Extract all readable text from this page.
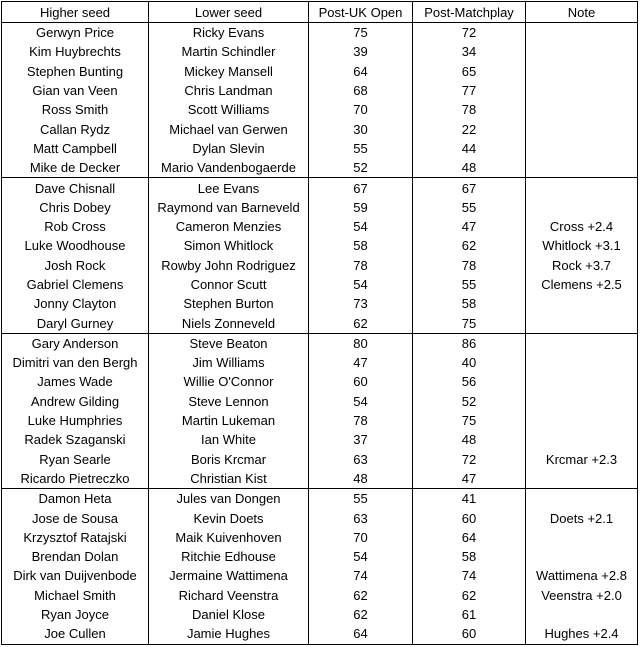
Higher seed	Lower seed	Post-UK Open	Post-Matchplay	Note
Gerwyn Price	Ricky Evans	75	72	
Kim Huybrechts	Martin Schindler	39	34	
Stephen Bunting	Mickey Mansell	64	65	
Gian van Veen	Chris Landman	68	77	
Ross Smith	Scott Williams	70	78	
Callan Rydz	Michael van Gerwen	30	22	
Matt Campbell	Dylan Slevin	55	44	
Mike de Decker	Mario Vandenbogaerde	52	48	
Dave Chisnall	Lee Evans	67	67	
Chris Dobey	Raymond van Barneveld	59	55	
Rob Cross	Cameron Menzies	54	47	Cross +2.4
Luke Woodhouse	Simon Whitlock	58	62	Whitlock +3.1
Josh Rock	Rowby John Rodriguez	78	78	Rock +3.7
Gabriel Clemens	Connor Scutt	54	55	Clemens +2.5
Jonny Clayton	Stephen Burton	73	58	
Daryl Gurney	Niels Zonneveld	62	75	
Gary Anderson	Steve Beaton	80	86	
Dimitri van den Bergh	Jim Williams	47	40	
James Wade	Willie O'Connor	60	56	
Andrew Gilding	Steve Lennon	54	52	
Luke Humphries	Martin Lukeman	78	75	
Radek Szaganski	Ian White	37	48	
Ryan Searle	Boris Krcmar	63	72	Krcmar +2.3
Ricardo Pietreczko	Christian Kist	48	47	
Damon Heta	Jules van Dongen	55	41	
Jose de Sousa	Kevin Doets	63	60	Doets +2.1
Krzysztof Ratajski	Maik Kuivenhoven	70	64	
Brendan Dolan	Ritchie Edhouse	54	58	
Dirk van Duijvenbode	Jermaine Wattimena	74	74	Wattimena +2.8
Michael Smith	Richard Veenstra	62	62	Veenstra +2.0
Ryan Joyce	Daniel Klose	62	61	
Joe Cullen	Jamie Hughes	64	60	Hughes +2.4
